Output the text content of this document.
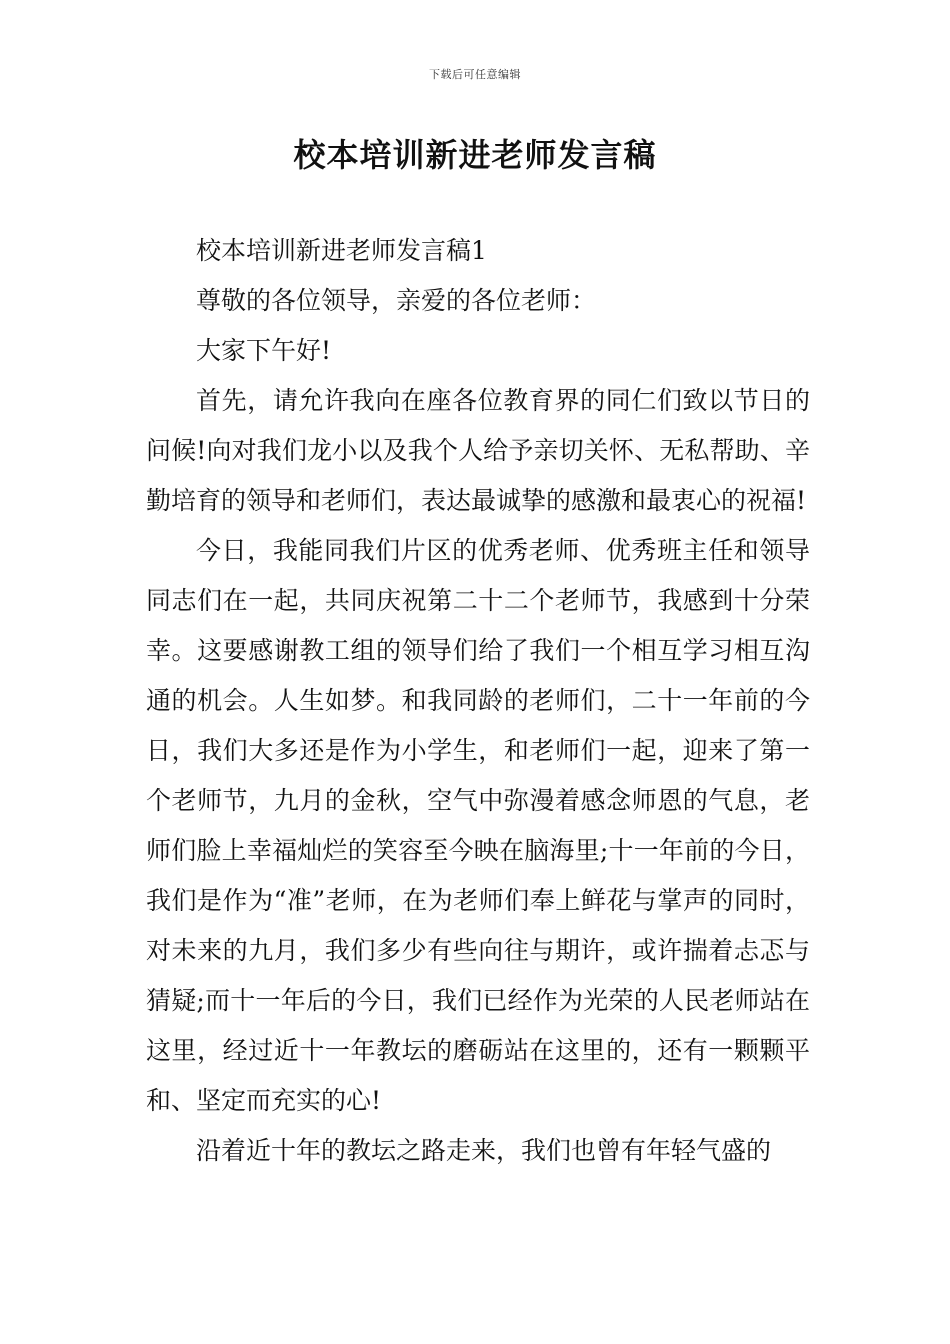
下载后可任意编辑
校本培训新进老师发言稿

校本培训新进老师发言稿1

尊敬的各位领导，亲爱的各位老师：

大家下午好!

首先，请允许我向在座各位教育界的同仁们致以节日的问候!向对我们龙小以及我个人给予亲切关怀、无私帮助、辛勤培育的领导和老师们，表达最诚挚的感激和最衷心的祝福!

今日，我能同我们片区的优秀老师、优秀班主任和领导同志们在一起，共同庆祝第二十二个老师节，我感到十分荣幸。这要感谢教工组的领导们给了我们一个相互学习相互沟通的机会。人生如梦。和我同龄的老师们，二十一年前的今日，我们大多还是作为小学生，和老师们一起，迎来了第一个老师节，九月的金秋，空气中弥漫着感念师恩的气息，老师们脸上幸福灿烂的笑容至今映在脑海里;十一年前的今日，我们是作为“准”老师，在为老师们奉上鲜花与掌声的同时，对未来的九月，我们多少有些向往与期许，或许揣着忐忑与猜疑;而十一年后的今日，我们已经作为光荣的人民老师站在这里，经过近十一年教坛的磨砺站在这里的，还有一颗颗平和、坚定而充实的心!

沿着近十年的教坛之路走来，我们也曾有年轻气盛的
